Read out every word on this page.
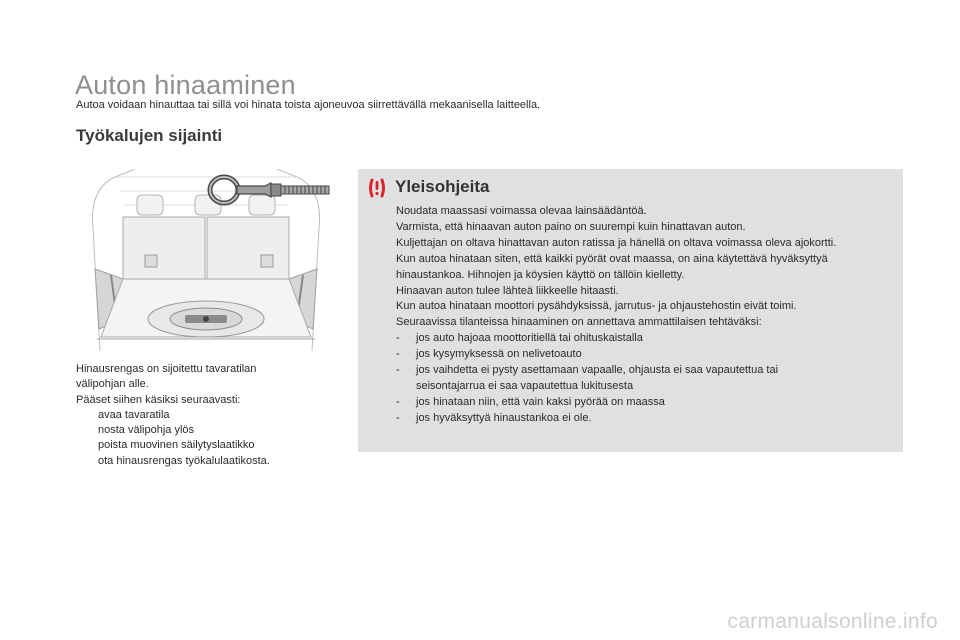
Auton hinaaminen
Autoa voidaan hinauttaa tai sillä voi hinata toista ajoneuvoa siirrettävällä mekaanisella laitteella.
Työkalujen sijainti
Hinausrengas on sijoitettu tavaratilan
välipohjan alle.
Pääset siihen käsiksi seuraavasti:
avaa tavaratila
nosta välipohja ylös
poista muovinen säilytyslaatikko
ota hinausrengas työkalulaatikosta.
Yleisohjeita

Noudata maassasi voimassa olevaa lainsäädäntöä.

Varmista, että hinaavan auton paino on suurempi kuin hinattavan auton.

Kuljettajan on oltava hinattavan auton ratissa ja hänellä on oltava voimassa oleva ajokortti.

Kun autoa hinataan siten, että kaikki pyörät ovat maassa, on aina käytettävä hyväksyttyä

hinaustankoa. Hihnojen ja köysien käyttö on tällöin kielletty.

Hinaavan auton tulee lähteä liikkeelle hitaasti.

Kun autoa hinataan moottori pysähdyksissä, jarrutus- ja ohjaustehostin eivät toimi.

Seuraavissa tilanteissa hinaaminen on annettava ammattilaisen tehtäväksi:

- jos auto hajoaa moottoritiellä tai ohituskaistalla
- jos kysymyksessä on nelivetoauto
- jos vaihdetta ei pysty asettamaan vapaalle, ohjausta ei saa vapautettua tai seisontajarrua ei saa vapautettua lukitusesta
- jos hinataan niin, että vain kaksi pyörää on maassa
- jos hyväksyttyä hinaustankoa ei ole.
carmanualsonline.info
